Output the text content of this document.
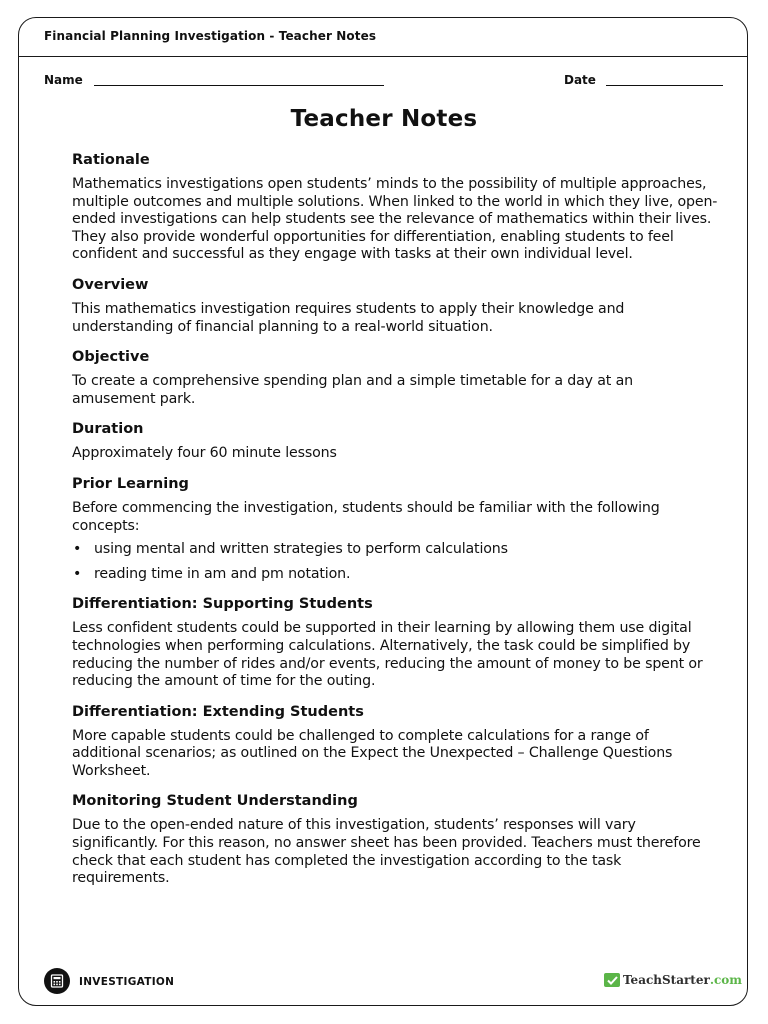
Financial Planning Investigation - Teacher Notes
Name	Date
Teacher Notes
Rationale

Mathematics investigations open students’ minds to the possibility of multiple approaches, multiple outcomes and multiple solutions. When linked to the world in which they live, open-ended investigations can help students see the relevance of mathematics within their lives. They also provide wonderful opportunities for differentiation, enabling students to feel confident and successful as they engage with tasks at their own individual level.

Overview

This mathematics investigation requires students to apply their knowledge and understanding of financial planning to a real-world situation.

Objective

To create a comprehensive spending plan and a simple timetable for a day at an amusement park.

Duration

Approximately four 60 minute lessons

Prior Learning

Before commencing the investigation, students should be familiar with the following concepts:

• using mental and written strategies to perform calculations
• reading time in am and pm notation.
Differentiation: Supporting Students

Less confident students could be supported in their learning by allowing them use digital technologies when performing calculations. Alternatively, the task could be simplified by reducing the number of rides and/or events, reducing the amount of money to be spent or reducing the amount of time for the outing.

Differentiation: Extending Students

More capable students could be challenged to complete calculations for a range of additional scenarios; as outlined on the Expect the Unexpected – Challenge Questions Worksheet.

Monitoring Student Understanding

Due to the open-ended nature of this investigation, students’ responses will vary significantly. For this reason, no answer sheet has been provided. Teachers must therefore check that each student has completed the investigation according to the task requirements.

INVESTIGATION	TeachStarter .com
